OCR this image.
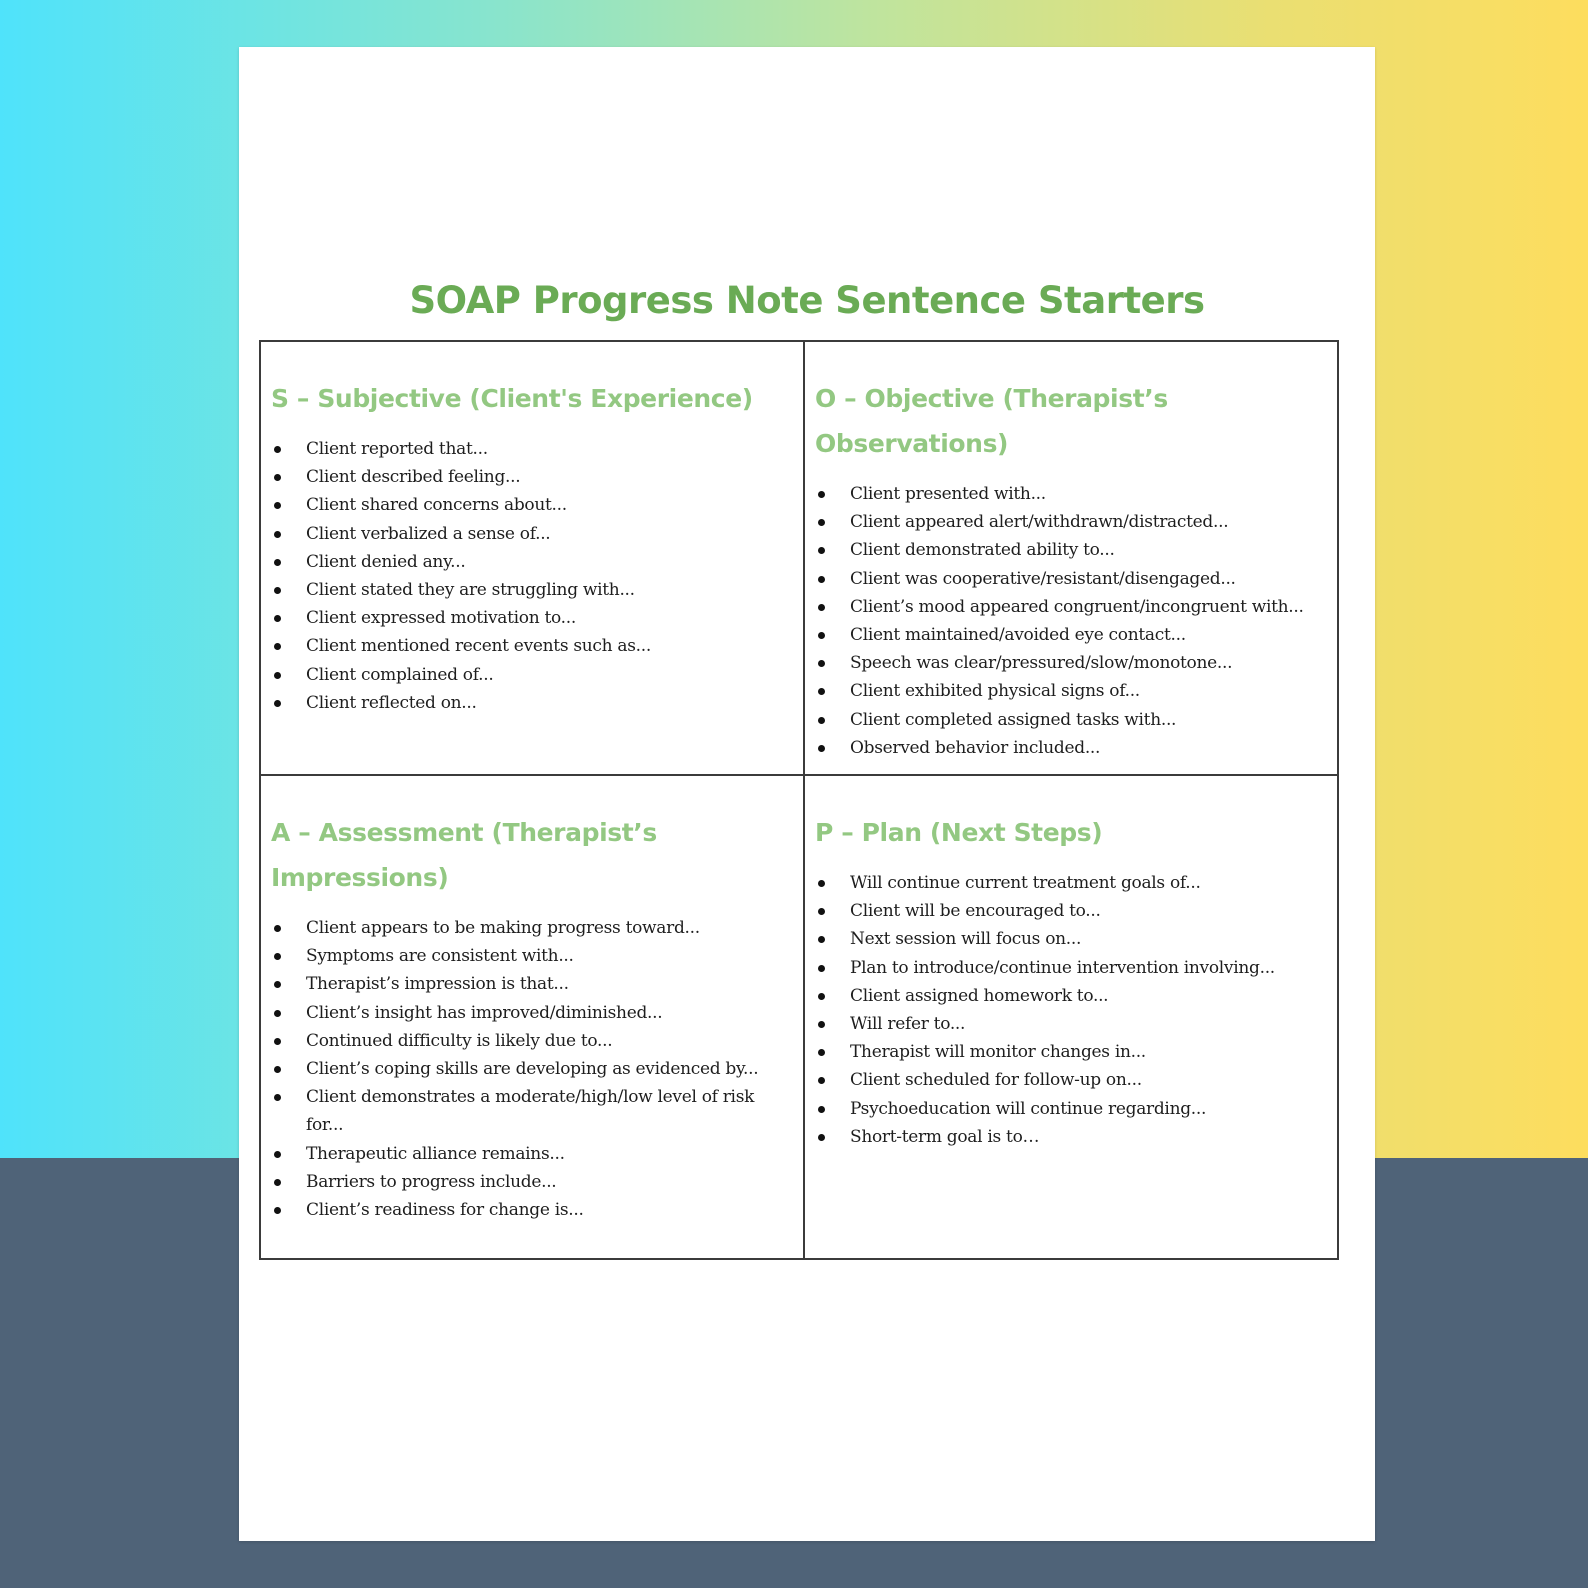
SOAP Progress Note Sentence Starters
S – Subjective (Client's Experience)
Client reported that...
Client described feeling...
Client shared concerns about...
Client verbalized a sense of...
Client denied any...
Client stated they are struggling with...
Client expressed motivation to...
Client mentioned recent events such as...
Client complained of...
Client reflected on...
O – Objective (Therapist’s Observations)
Client presented with...
Client appeared alert/withdrawn/distracted...
Client demonstrated ability to...
Client was cooperative/resistant/disengaged...
Client’s mood appeared congruent/incongruent with...
Client maintained/avoided eye contact...
Speech was clear/pressured/slow/monotone...
Client exhibited physical signs of...
Client completed assigned tasks with...
Observed behavior included...
A – Assessment (Therapist’s Impressions)
Client appears to be making progress toward...
Symptoms are consistent with...
Therapist’s impression is that...
Client’s insight has improved/diminished...
Continued difficulty is likely due to...
Client’s coping skills are developing as evidenced by...
Client demonstrates a moderate/high/low level of risk for...
Therapeutic alliance remains...
Barriers to progress include...
Client’s readiness for change is...
P – Plan (Next Steps)
Will continue current treatment goals of...
Client will be encouraged to...
Next session will focus on...
Plan to introduce/continue intervention involving...
Client assigned homework to...
Will refer to...
Therapist will monitor changes in...
Client scheduled for follow-up on...
Psychoeducation will continue regarding...
Short-term goal is to…
